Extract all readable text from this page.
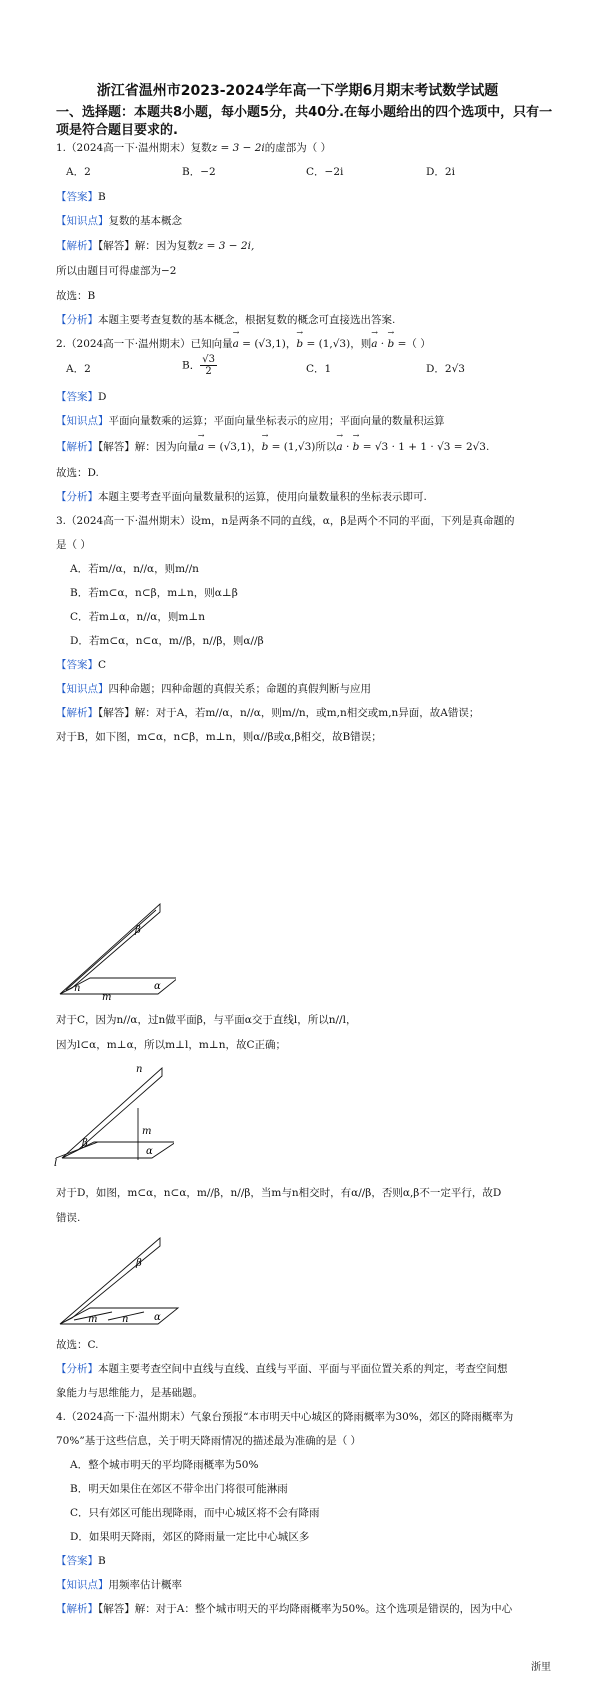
浙江省温州市2023-2024学年高一下学期6月期末考试数学试题
一、选择题：本题共8小题，每小题5分，共40分.在每小题给出的四个选项中，只有一项是符合题目要求的.
1.（2024高一下·温州期末）复数z = 3 − 2i的虚部为（ ）
A．2	B．−2	C．−2i	D．2i
【答案】B
【知识点】复数的基本概念
【解析】【解答】解：因为复数z = 3 − 2i,
所以由题目可得虚部为−2
故选：B
【分析】本题主要考查复数的基本概念，根据复数的概念可直接选出答案.
2.（2024高一下·温州期末）已知向量→ a = (√3,1)，→ b = (1,√3)，则→ a · → b =（ ）
A．2	B． $\frac{√3}{2}$	C．1	D．2√3
【答案】D
【知识点】平面向量数乘的运算；平面向量坐标表示的应用；平面向量的数量积运算
【解析】【解答】解：因为向量→ a = (√3,1)，→ b = (1,√3)所以→ a · → b = √3 · 1 + 1 · √3 = 2√3.
故选：D.
【分析】本题主要考查平面向量数量积的运算，使用向量数量积的坐标表示即可.
3.（2024高一下·温州期末）设m，n是两条不同的直线，α，β是两个不同的平面，下列是真命题的
是（ ）
A．若m//α，n//α，则m//n
B．若m⊂α，n⊂β，m⊥n，则α⊥β
C．若m⊥α，n//α，则m⊥n
D．若m⊂α，n⊂α，m//β，n//β，则α//β
【答案】C
【知识点】四种命题；四种命题的真假关系；命题的真假判断与应用
【解析】【解答】解：对于A，若m//α，n//α，则m//n，或m,n相交或m,n异面，故A错误；
对于B，如下图，m⊂α，n⊂β，m⊥n，则α//β或α,β相交，故B错误；
β
α
n
m
对于C，因为n//α，过n做平面β，与平面α交于直线l，所以n//l，
因为l⊂α，m⊥α，所以m⊥l，m⊥n，故C正确；
n
m
β
α
l
对于D，如图，m⊂α，n⊂α，m//β，n//β，当m与n相交时，有α//β，否则α,β不一定平行，故D
错误.
β
α
m n
故选：C.
【分析】本题主要考查空间中直线与直线、直线与平面、平面与平面位置关系的判定，考查空间想
象能力与思维能力，是基础题。
4.（2024高一下·温州期末）气象台预报“本市明天中心城区的降雨概率为30%，郊区的降雨概率为
70%”基于这些信息，关于明天降雨情况的描述最为准确的是（ ）
A．整个城市明天的平均降雨概率为50%
B．明天如果住在郊区不带伞出门将很可能淋雨
C．只有郊区可能出现降雨，而中心城区将不会有降雨
D．如果明天降雨，郊区的降雨量一定比中心城区多
【答案】B
【知识点】用频率估计概率
【解析】【解答】解：对于A：整个城市明天的平均降雨概率为50%。这个选项是错误的，因为中心
浙里
